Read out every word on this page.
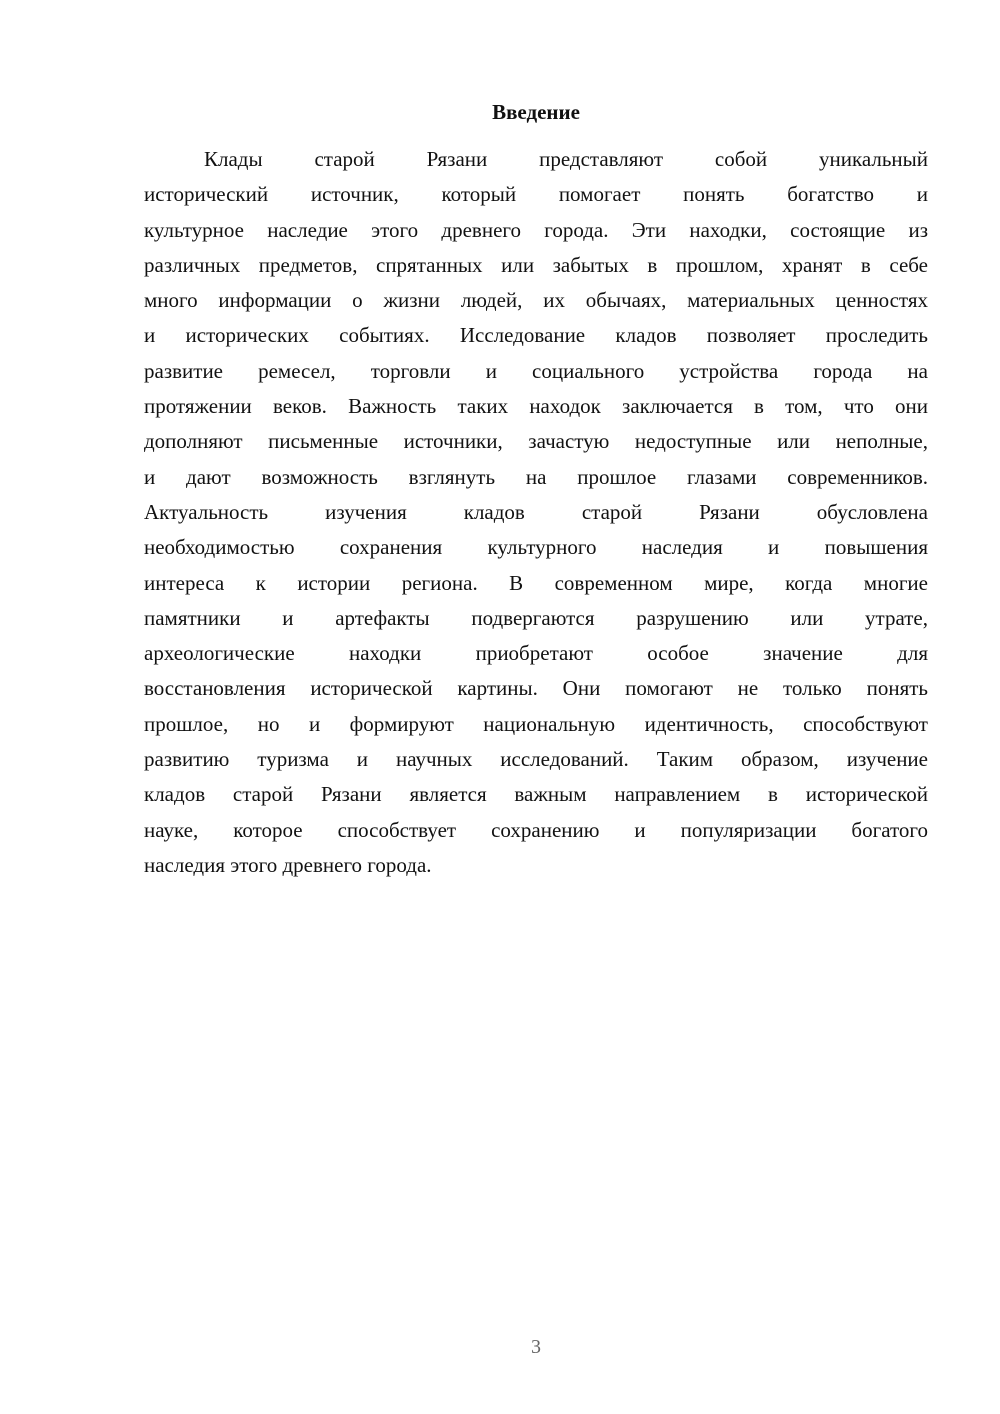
Введение
Клады старой Рязани представляют собой уникальный
исторический источник, который помогает понять богатство и
культурное наследие этого древнего города. Эти находки, состоящие из
различных предметов, спрятанных или забытых в прошлом, хранят в себе
много информации о жизни людей, их обычаях, материальных ценностях
и исторических событиях. Исследование кладов позволяет проследить
развитие ремесел, торговли и социального устройства города на
протяжении веков. Важность таких находок заключается в том, что они
дополняют письменные источники, зачастую недоступные или неполные,
и дают возможность взглянуть на прошлое глазами современников.
Актуальность изучения кладов старой Рязани обусловлена
необходимостью сохранения культурного наследия и повышения
интереса к истории региона. В современном мире, когда многие
памятники и артефакты подвергаются разрушению или утрате,
археологические находки приобретают особое значение для
восстановления исторической картины. Они помогают не только понять
прошлое, но и формируют национальную идентичность, способствуют
развитию туризма и научных исследований. Таким образом, изучение
кладов старой Рязани является важным направлением в исторической
науке, которое способствует сохранению и популяризации богатого
наследия этого древнего города.
3
